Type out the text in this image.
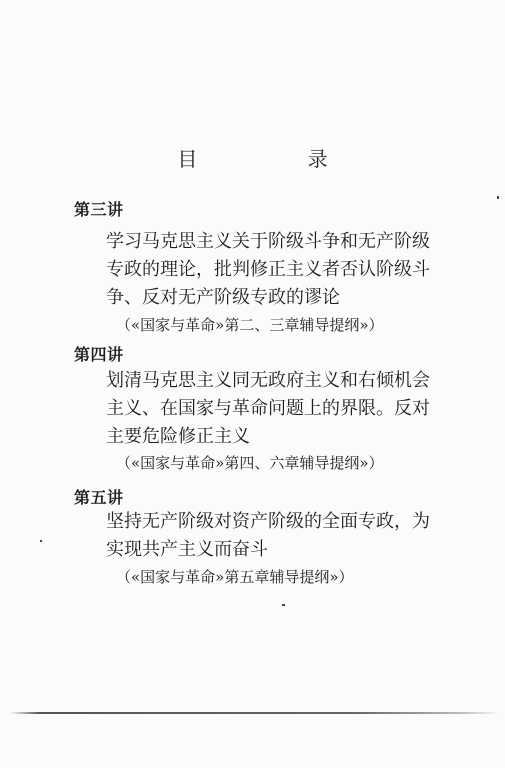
目 录
第三讲
学习马克思主义关于阶级斗争和无产阶级
专政的理论，批判修正主义者否认阶级斗
争、反对无产阶级专政的谬论
（«国家与革命»第二、三章辅导提纲»）
第四讲
划清马克思主义同无政府主义和右倾机会
主义、在国家与革命问题上的界限。反对
主要危险修正主义
（«国家与革命»第四、六章辅导提纲»）
第五讲
坚持无产阶级对资产阶级的全面专政，为
实现共产主义而奋斗
（«国家与革命»第五章辅导提纲»）
